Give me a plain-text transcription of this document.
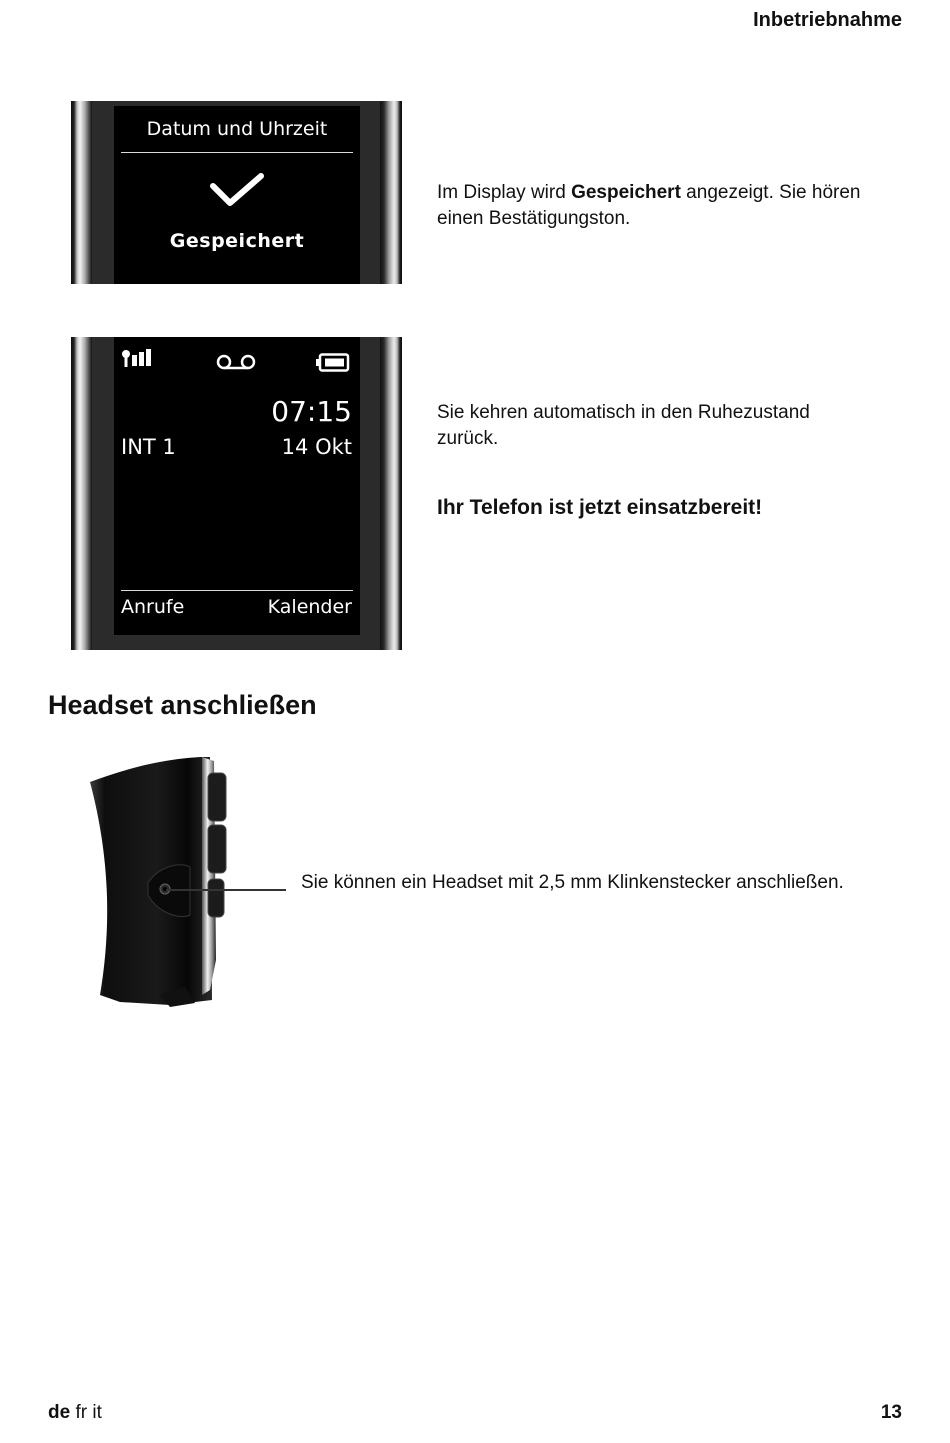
Inbetriebnahme
Datum und Uhrzeit
Gespeichert
Im Display wird Gespeichert angezeigt. Sie hören einen Bestätigungston.
07:15
INT 1	14 Okt
Anrufe	Kalender
Sie kehren automatisch in den Ruhezustand zurück.
Ihr Telefon ist jetzt einsatzbereit!
Headset anschließen
Sie können ein Headset mit 2,5 mm Klinkenstecker anschließen.
de fr it	13
